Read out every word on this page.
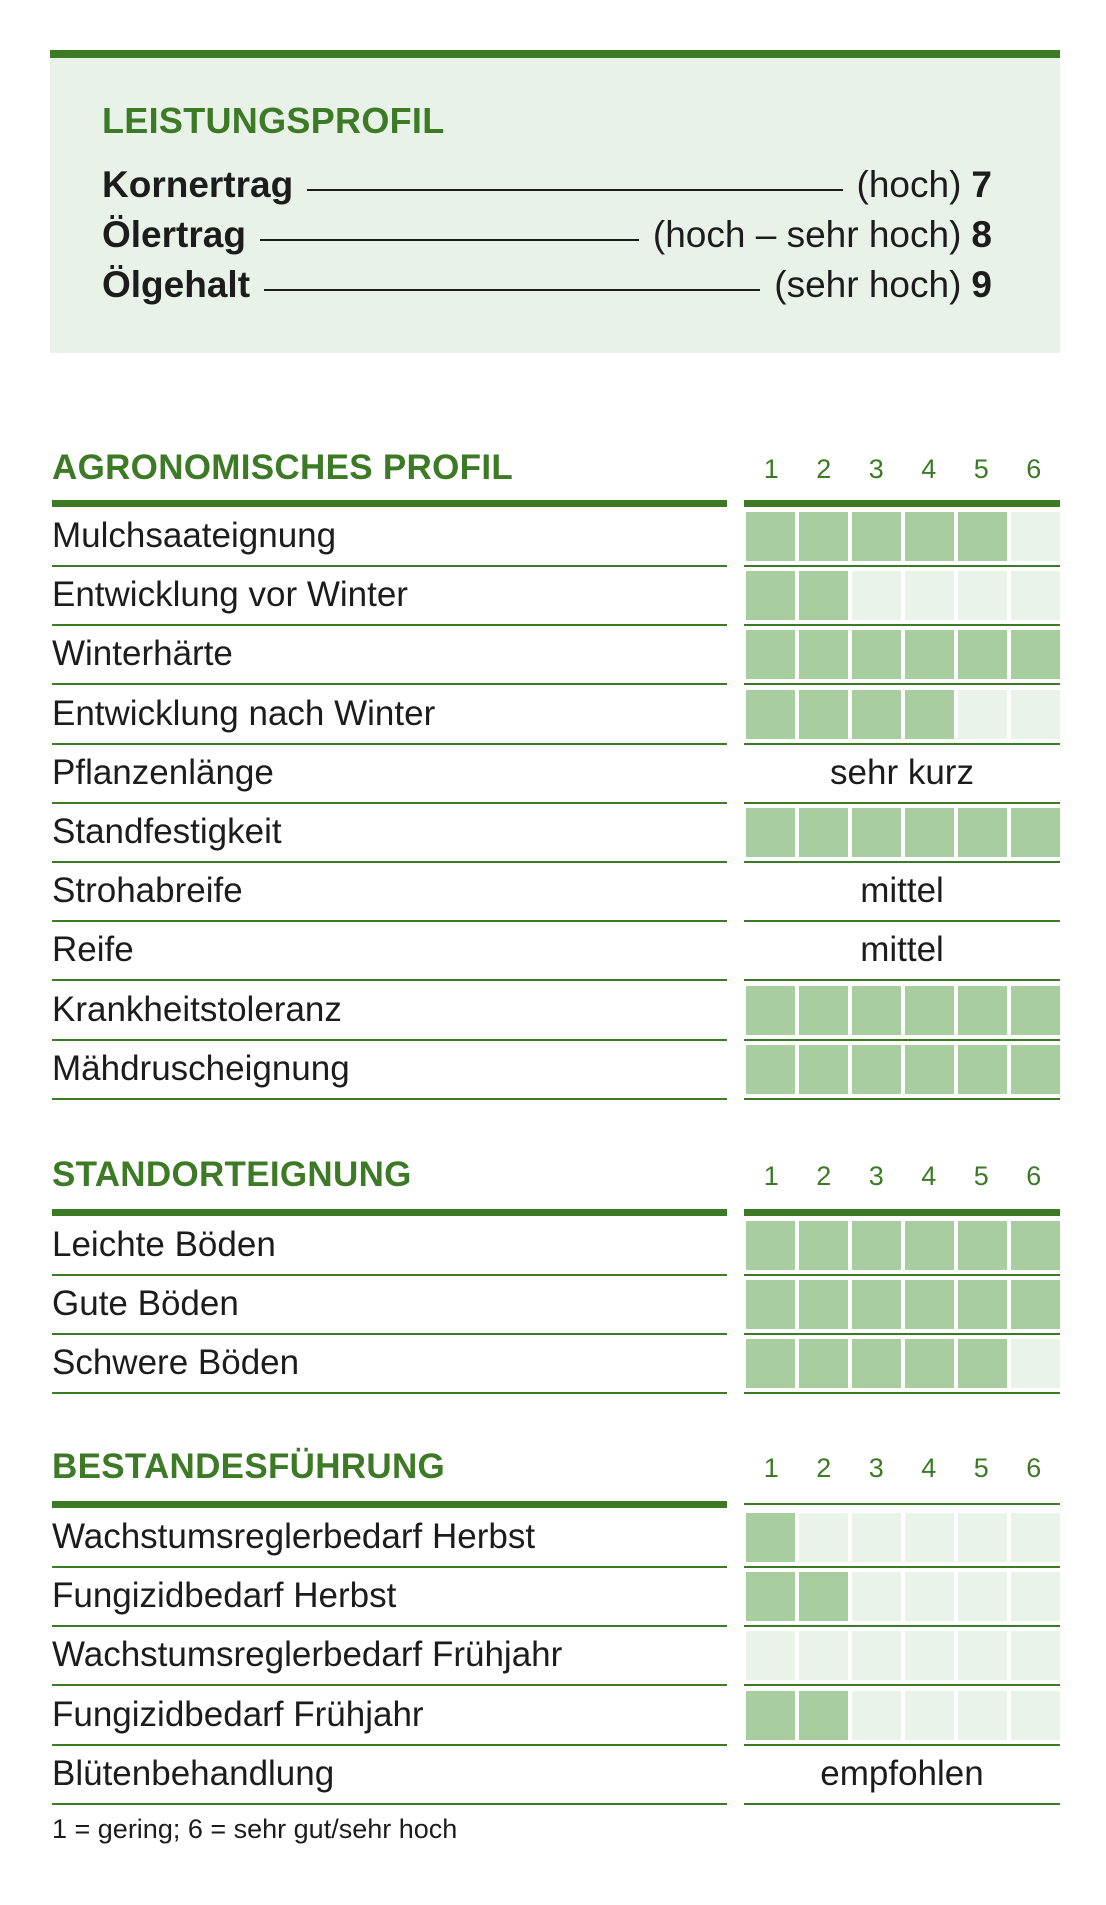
LEISTUNGSPROFIL
Kornertrag	(hoch) 7
Ölertrag	(hoch – sehr hoch) 8
Ölgehalt	(sehr hoch) 9
AGRONOMISCHES PROFIL	1	2	3	4	5	6
Mulchsaateignung
Entwicklung vor Winter
Winterhärte
Entwicklung nach Winter
Pflanzenlänge	sehr kurz
Standfestigkeit
Strohabreife	mittel
Reife	mittel
Krankheitstoleranz
Mähdruscheignung
STANDORTEIGNUNG	1	2	3	4	5	6
Leichte Böden
Gute Böden
Schwere Böden
BESTANDESFÜHRUNG	1	2	3	4	5	6
Wachstumsreglerbedarf Herbst
Fungizidbedarf Herbst
Wachstumsreglerbedarf Frühjahr
Fungizidbedarf Frühjahr
Blütenbehandlung	empfohlen
1 = gering; 6 = sehr gut/sehr hoch
